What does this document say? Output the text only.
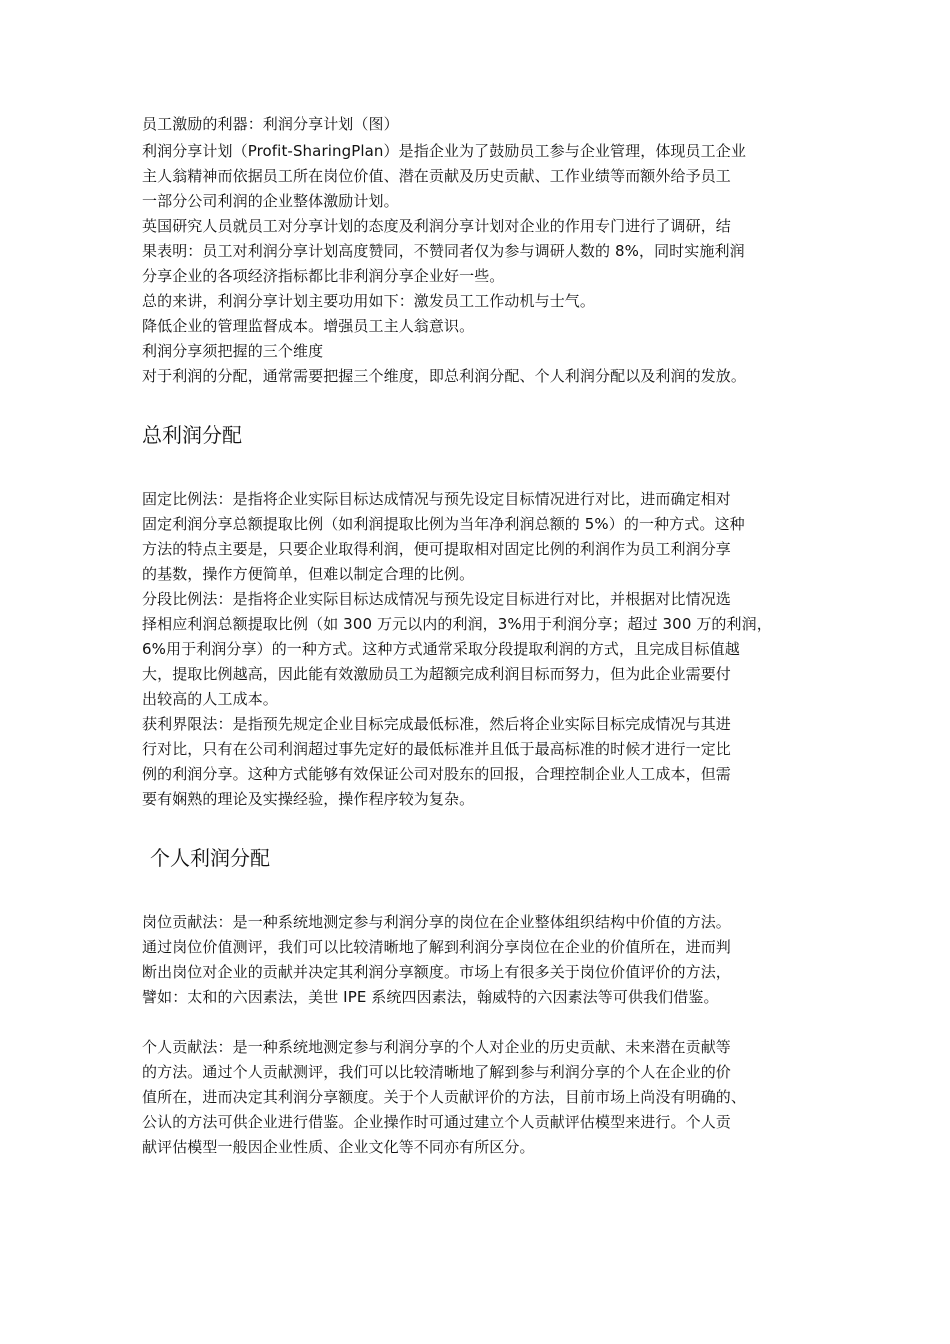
员工激励的利器：利润分享计划（图）
利润分享计划（Profit-SharingPlan）是指企业为了鼓励员工参与企业管理，体现员工企业
主人翁精神而依据员工所在岗位价值、潜在贡献及历史贡献、工作业绩等而额外给予员工
一部分公司利润的企业整体激励计划。
英国研究人员就员工对分享计划的态度及利润分享计划对企业的作用专门进行了调研，结
果表明：员工对利润分享计划高度赞同，不赞同者仅为参与调研人数的 8%，同时实施利润
分享企业的各项经济指标都比非利润分享企业好一些。
总的来讲，利润分享计划主要功用如下：激发员工工作动机与士气。
降低企业的管理监督成本。增强员工主人翁意识。
利润分享须把握的三个维度
对于利润的分配，通常需要把握三个维度，即总利润分配、个人利润分配以及利润的发放。
总利润分配
固定比例法：是指将企业实际目标达成情况与预先设定目标情况进行对比，进而确定相对
固定利润分享总额提取比例（如利润提取比例为当年净利润总额的 5%）的一种方式。这种
方法的特点主要是，只要企业取得利润，便可提取相对固定比例的利润作为员工利润分享
的基数，操作方便简单，但难以制定合理的比例。
分段比例法：是指将企业实际目标达成情况与预先设定目标进行对比，并根据对比情况选
择相应利润总额提取比例（如 300 万元以内的利润，3%用于利润分享；超过 300 万的利润，
6%用于利润分享）的一种方式。这种方式通常采取分段提取利润的方式，且完成目标值越
大，提取比例越高，因此能有效激励员工为超额完成利润目标而努力，但为此企业需要付
出较高的人工成本。
获利界限法：是指预先规定企业目标完成最低标准，然后将企业实际目标完成情况与其进
行对比，只有在公司利润超过事先定好的最低标准并且低于最高标准的时候才进行一定比
例的利润分享。这种方式能够有效保证公司对股东的回报，合理控制企业人工成本，但需
要有娴熟的理论及实操经验，操作程序较为复杂。
个人利润分配
岗位贡献法：是一种系统地测定参与利润分享的岗位在企业整体组织结构中价值的方法。
通过岗位价值测评，我们可以比较清晰地了解到利润分享岗位在企业的价值所在，进而判
断出岗位对企业的贡献并决定其利润分享额度。市场上有很多关于岗位价值评价的方法，
譬如：太和的六因素法，美世 IPE 系统四因素法，翰威特的六因素法等可供我们借鉴。
个人贡献法：是一种系统地测定参与利润分享的个人对企业的历史贡献、未来潜在贡献等
的方法。通过个人贡献测评，我们可以比较清晰地了解到参与利润分享的个人在企业的价
值所在，进而决定其利润分享额度。关于个人贡献评价的方法，目前市场上尚没有明确的、
公认的方法可供企业进行借鉴。企业操作时可通过建立个人贡献评估模型来进行。个人贡
献评估模型一般因企业性质、企业文化等不同亦有所区分。
